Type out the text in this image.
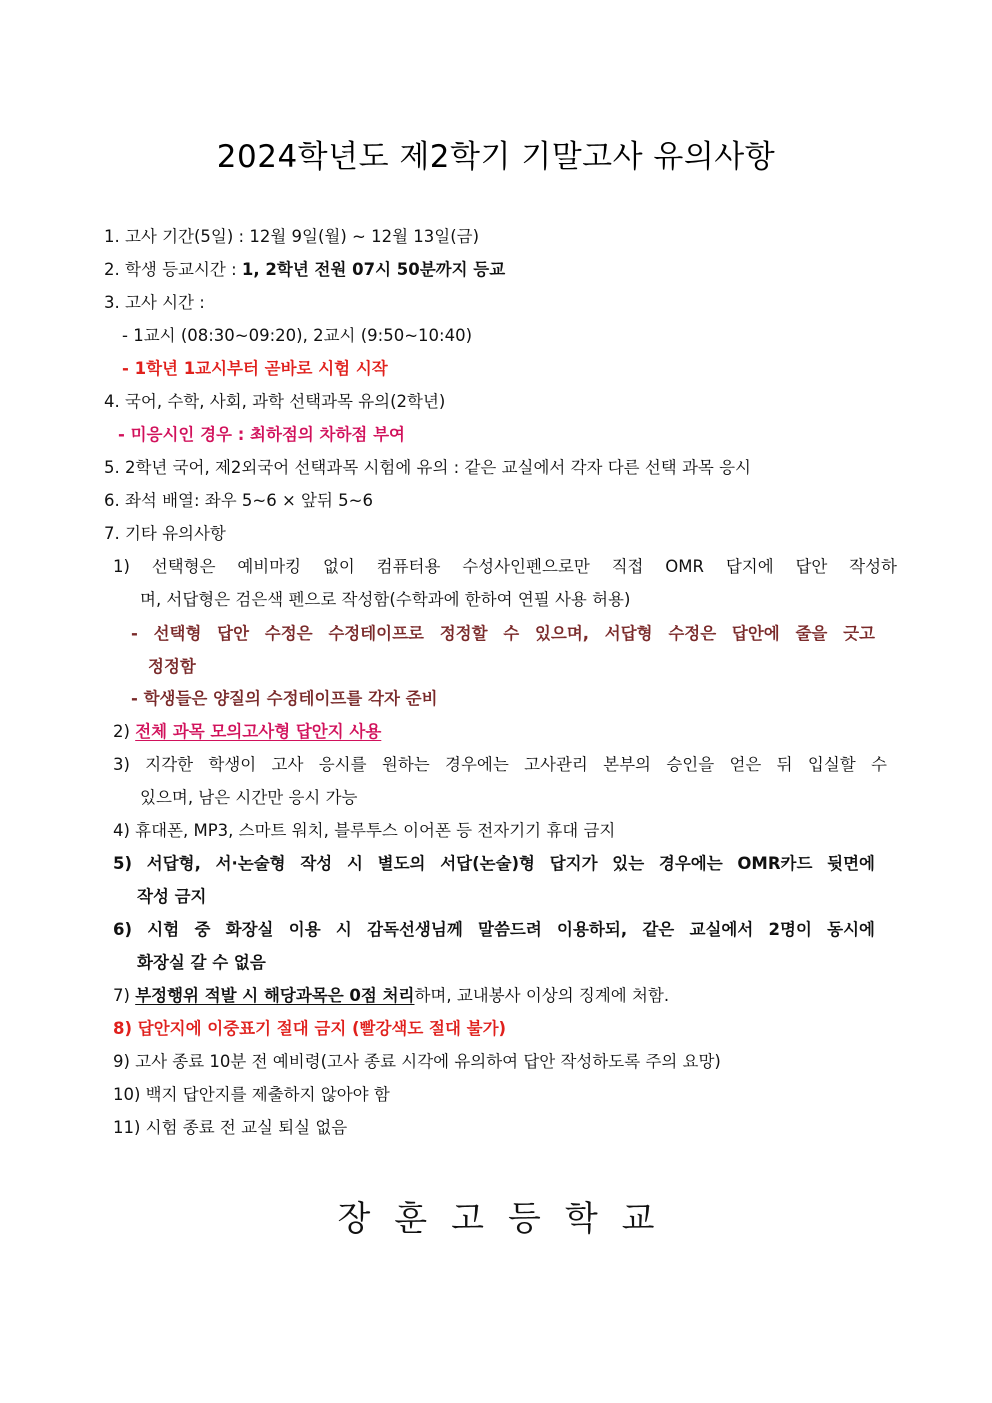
2024학년도 제2학기 기말고사 유의사항
1. 고사 기간(5일) : 12월 9일(월) ~ 12월 13일(금)
2. 학생 등교시간 : 1, 2학년 전원 07시 50분까지 등교
3. 고사 시간 :
- 1교시 (08:30~09:20), 2교시 (9:50~10:40)
- 1학년 1교시부터 곧바로 시험 시작
4. 국어, 수학, 사회, 과학 선택과목 유의(2학년)
- 미응시인 경우 : 최하점의 차하점 부여
5. 2학년 국어, 제2외국어 선택과목 시험에 유의 : 같은 교실에서 각자 다른 선택 과목 응시
6. 좌석 배열: 좌우 5~6 × 앞뒤 5~6
7. 기타 유의사항
1) 선택형은 예비마킹 없이 컴퓨터용 수성사인펜으로만 직접 OMR 답지에 답안 작성하
며, 서답형은 검은색 펜으로 작성함(수학과에 한하여 연필 사용 허용)
- 선택형 답안 수정은 수정테이프로 정정할 수 있으며, 서답형 수정은 답안에 줄을 긋고
정정함
- 학생들은 양질의 수정테이프를 각자 준비
2) 전체 과목 모의고사형 답안지 사용
3) 지각한 학생이 고사 응시를 원하는 경우에는 고사관리 본부의 승인을 얻은 뒤 입실할 수
있으며, 남은 시간만 응시 가능
4) 휴대폰, MP3, 스마트 워치, 블루투스 이어폰 등 전자기기 휴대 금지
5) 서답형, 서·논술형 작성 시 별도의 서답(논술)형 답지가 있는 경우에는 OMR카드 뒷면에
작성 금지
6) 시험 중 화장실 이용 시 감독선생님께 말씀드려 이용하되, 같은 교실에서 2명이 동시에
화장실 갈 수 없음
7) 부정행위 적발 시 해당과목은 0점 처리하며, 교내봉사 이상의 징계에 처함.
8) 답안지에 이중표기 절대 금지 (빨강색도 절대 불가)
9) 고사 종료 10분 전 예비령(고사 종료 시각에 유의하여 답안 작성하도록 주의 요망)
10) 백지 답안지를 제출하지 않아야 함
11) 시험 종료 전 교실 퇴실 없음
장훈고등학교
